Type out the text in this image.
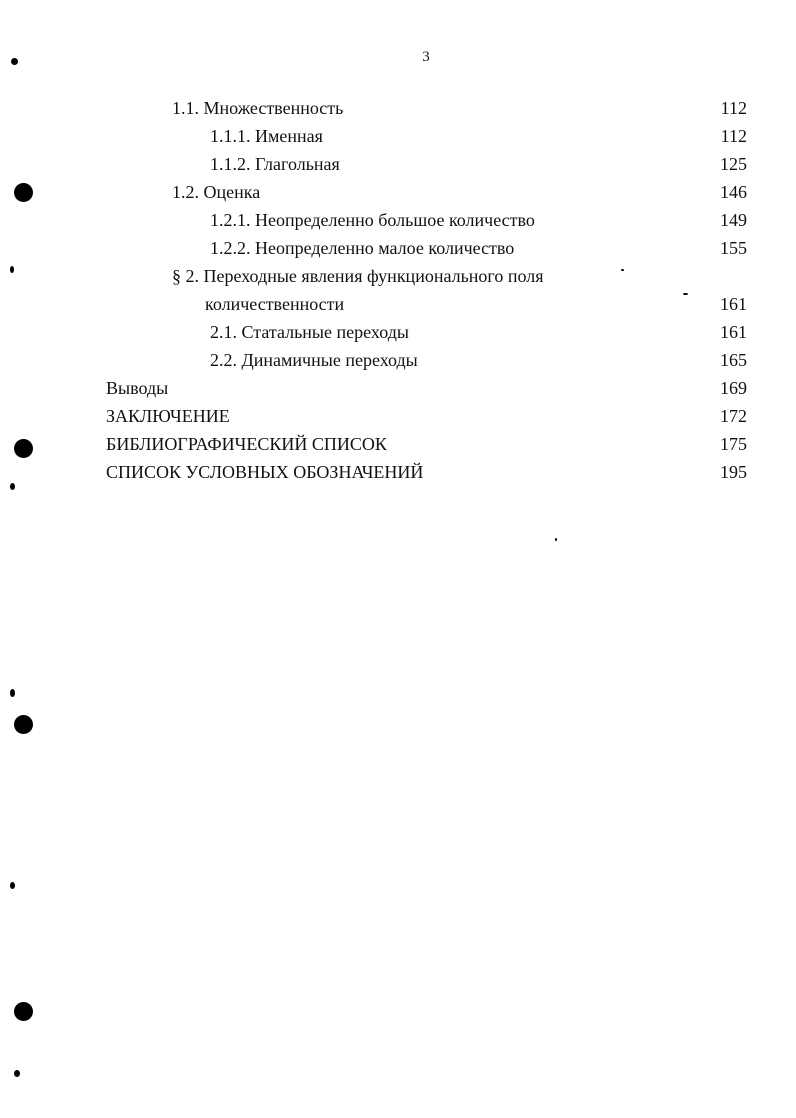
3
1.1. Множественность	112
1.1.1. Именная	112
1.1.2. Глагольная	125
1.2. Оценка	146
1.2.1. Неопределенно большое количество	149
1.2.2. Неопределенно малое количество	155
§ 2. Переходные явления функционального поля
количественности	161
2.1. Статальные переходы	161
2.2. Динамичные переходы	165
Выводы	169
ЗАКЛЮЧЕНИЕ	172
БИБЛИОГРАФИЧЕСКИЙ СПИСОК	175
СПИСОК УСЛОВНЫХ ОБОЗНАЧЕНИЙ	195
